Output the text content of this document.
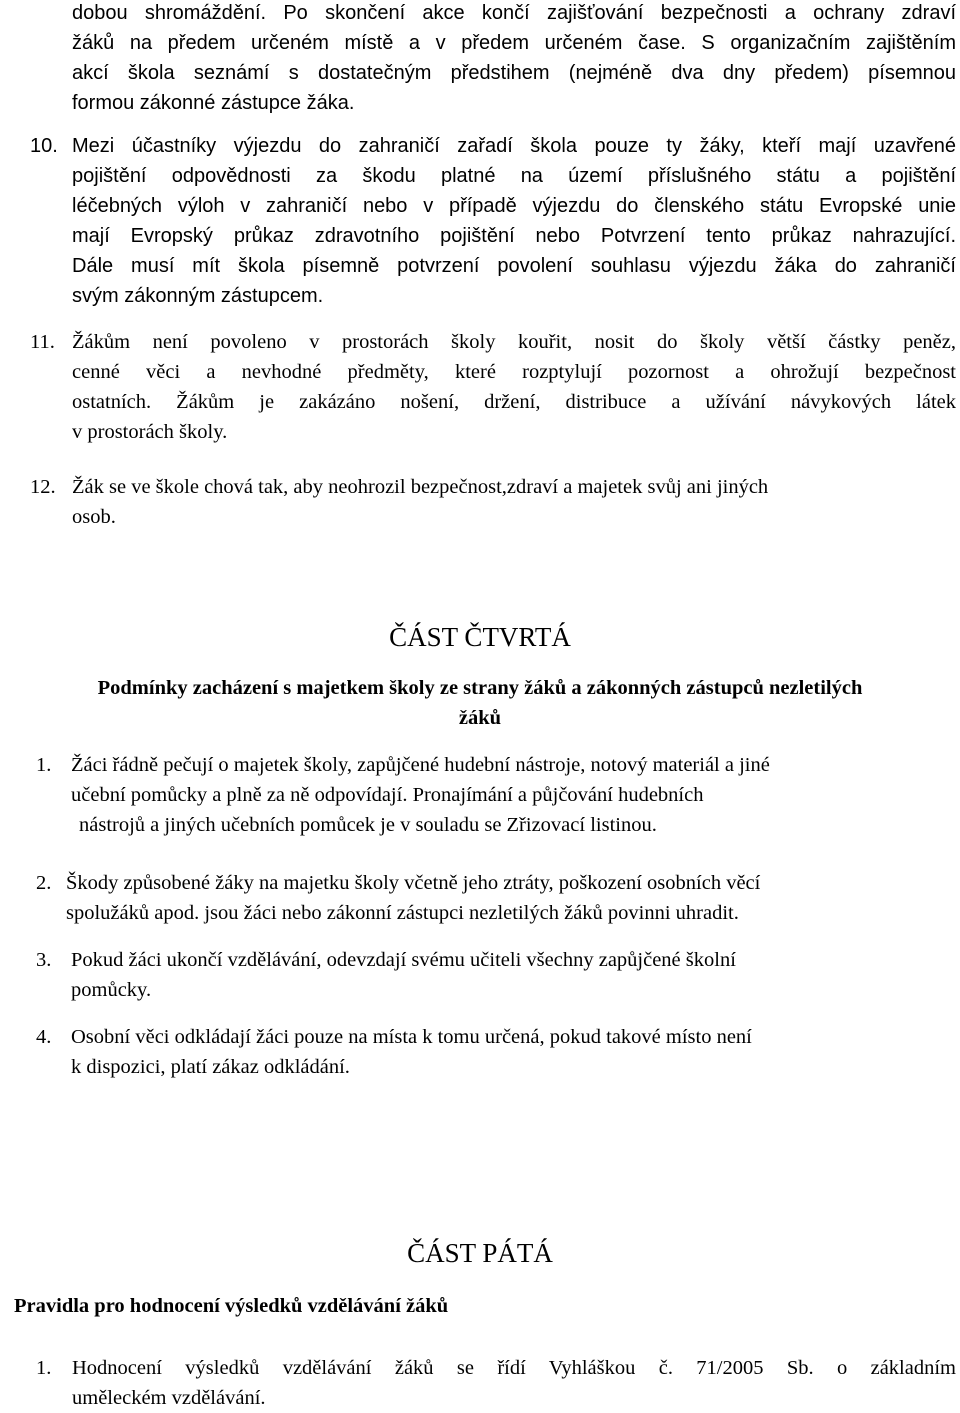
dobou shromáždění. Po skončení akce končí zajišťování bezpečnosti a ochrany zdraví
žáků na předem určeném místě a v předem určeném čase. S organizačním zajištěním
akcí škola seznámí s dostatečným předstihem (nejméně dva dny předem) písemnou
formou zákonné zástupce žáka.
10. Mezi účastníky výjezdu do zahraničí zařadí škola pouze ty žáky, kteří mají uzavřené
pojištění odpovědnosti za škodu platné na území příslušného státu a pojištění
léčebných výloh v zahraničí nebo v případě výjezdu do členského státu Evropské unie
mají Evropský průkaz zdravotního pojištění nebo Potvrzení tento průkaz nahrazující.
Dále musí mít škola písemně potvrzení povolení souhlasu výjezdu žáka do zahraničí
svým zákonným zástupcem.
11. Žákům není povoleno v prostorách školy kouřit, nosit do školy větší částky peněz,
cenné věci a nevhodné předměty, které rozptylují pozornost a ohrožují bezpečnost
ostatních. Žákům je zakázáno nošení, držení, distribuce a užívání návykových látek
v prostorách školy.
12. Žák se ve škole chová tak, aby neohrozil bezpečnost,zdraví a majetek svůj ani jiných
osob.
ČÁST ČTVRTÁ
Podmínky zacházení s majetkem školy ze strany žáků a zákonných zástupců nezletilých
žáků
1. Žáci řádně pečují o majetek školy, zapůjčené hudební nástroje, notový materiál a jiné
učební pomůcky a plně za ně odpovídají. Pronajímání a půjčování hudebních
nástrojů a jiných učebních pomůcek je v souladu se Zřizovací listinou.
2. Škody způsobené žáky na majetku školy včetně jeho ztráty, poškození osobních věcí
spolužáků apod. jsou žáci nebo zákonní zástupci nezletilých žáků povinni uhradit.
3. Pokud žáci ukončí vzdělávání, odevzdají svému učiteli všechny zapůjčené školní
pomůcky.
4. Osobní věci odkládají žáci pouze na místa k tomu určená, pokud takové místo není
k dispozici, platí zákaz odkládání.
ČÁST PÁTÁ
Pravidla pro hodnocení výsledků vzdělávání žáků
1. Hodnocení výsledků vzdělávání žáků se řídí Vyhláškou č. 71/2005 Sb. o základním
uměleckém vzdělávání.
